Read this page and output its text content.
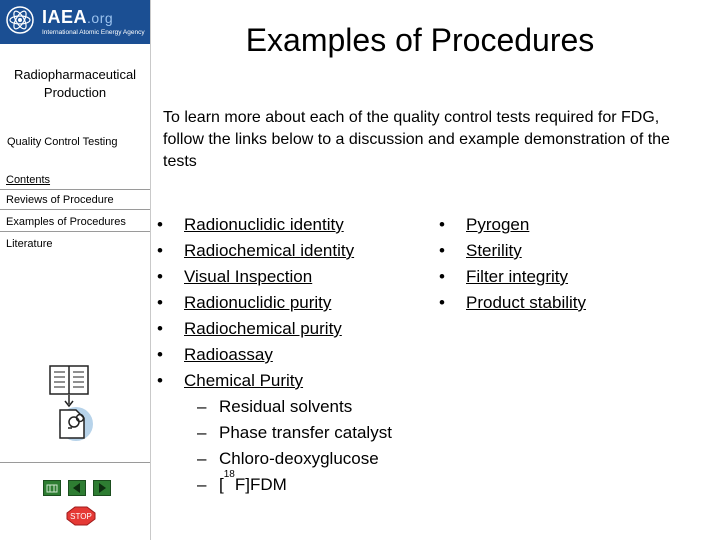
IAEA.org
International Atomic Energy Agency
Radiopharmaceutical Production
Quality Control Testing
Contents
Reviews of Procedure
Examples of Procedures
Literature
STOP
Examples of Procedures
To learn more about each of the quality control tests required for FDG, follow the links below to a discussion and example demonstration of the tests
• Radionuclidic identity
• Radiochemical identity
• Visual Inspection
• Radionuclidic purity
• Radiochemical purity
• Radioassay
• Chemical Purity
– Residual solvents
– Phase transfer catalyst
– Chloro-deoxyglucose
– [$^{18}$F]FDM
• Pyrogen
• Sterility
• Filter integrity
• Product stability
